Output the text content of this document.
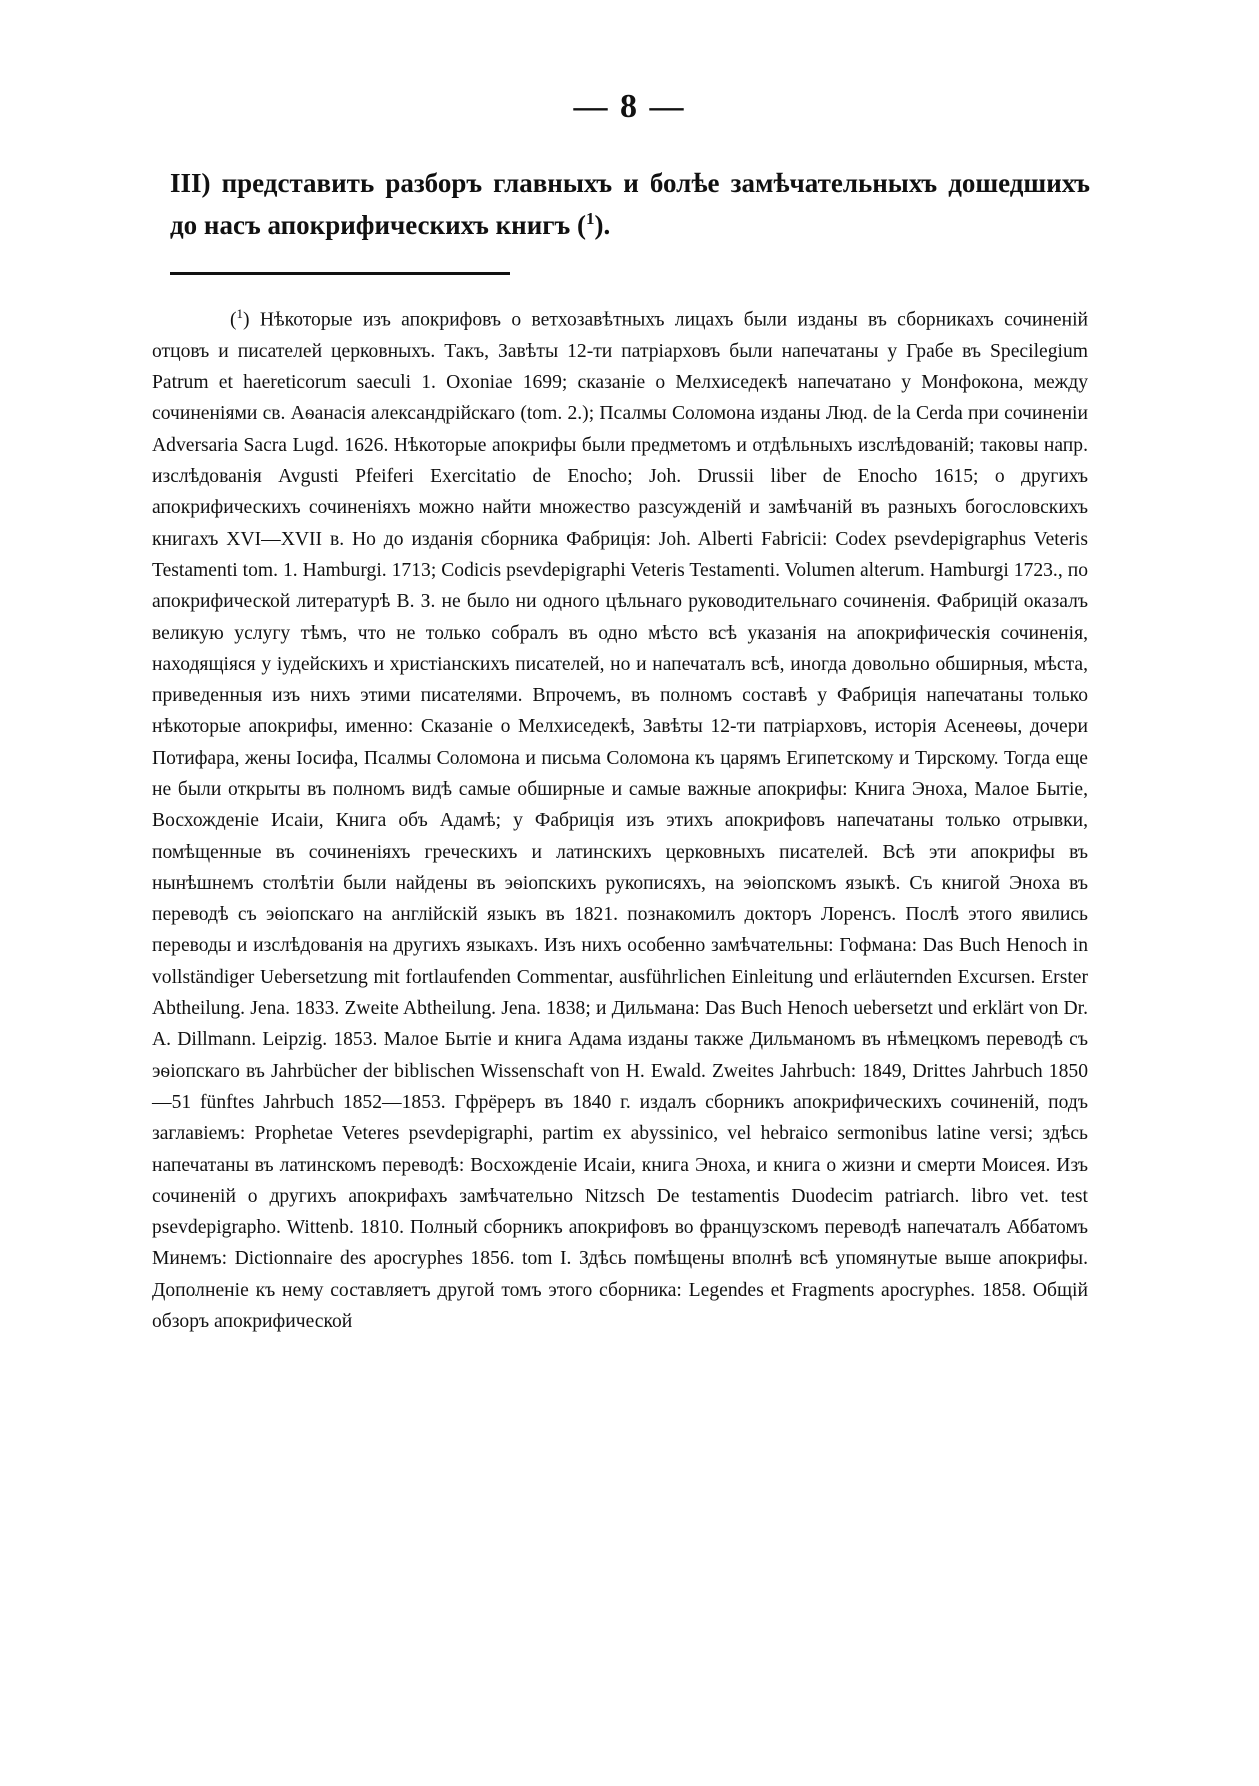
— 8 —
III) представить разборъ главныхъ и болѣе замѣчательныхъ дошедшихъ до насъ апокрифическихъ книгъ ($^1$).
($^1$) Нѣкоторые изъ апокрифовъ о ветхозавѣтныхъ лицахъ были изданы въ сборникахъ сочиненій отцовъ и писателей церковныхъ. Такъ, Завѣты 12-ти патріарховъ были напечатаны у Грабе въ Specilegium Patrum et haereticorum saeculi 1. Oxoniae 1699; сказаніе о Мелхиседекѣ напечатано у Монфокона, между сочиненіями св. Аѳанасія александрійскаго (tom. 2.); Псалмы Соломона изданы Люд. de la Cerda при сочиненіи Adversaria Sacra Lugd. 1626. Нѣкоторые апокрифы были предметомъ и отдѣльныхъ изслѣдованій; таковы напр. изслѣдованія Avgusti Pfeiferi Exercitatio de Enocho; Joh. Drussii liber de Enocho 1615; о другихъ апокрифическихъ сочиненіяхъ можно найти множество разсужденій и замѣчаній въ разныхъ богословскихъ книгахъ XVI—XVII в. Но до изданія сборника Фабриція: Joh. Alberti Fabricii: Codex psevdepigraphus Veteris Testamenti tom. 1. Hamburgi. 1713; Codicis psevdepigraphi Veteris Testamenti. Volumen alterum. Hamburgi 1723., по апокрифической литературѣ В. З. не было ни одного цѣльнаго руководительнаго сочиненія. Фабрицій оказалъ великую услугу тѣмъ, что не только собралъ въ одно мѣсто всѣ указанія на апокрифическія сочиненія, находящіяся у іудейскихъ и христіанскихъ писателей, но и напечаталъ всѣ, иногда довольно обширныя, мѣста, приведенныя изъ нихъ этими писателями. Впрочемъ, въ полномъ составѣ у Фабриція напечатаны только нѣкоторые апокрифы, именно: Сказаніе о Мелхиседекѣ, Завѣты 12-ти патріарховъ, исторія Асенеѳы, дочери Потифара, жены Іосифа, Псалмы Соломона и письма Соломона къ царямъ Египетскому и Тирскому. Тогда еще не были открыты въ полномъ видѣ самые обширные и самые важные апокрифы: Книга Эноха, Малое Бытіе, Восхожденіе Исаіи, Книга объ Адамѣ; у Фабриція изъ этихъ апокрифовъ напечатаны только отрывки, помѣщенные въ сочиненіяхъ греческихъ и латинскихъ церковныхъ писателей. Всѣ эти апокрифы въ нынѣшнемъ столѣтіи были найдены въ эѳіопскихъ рукописяхъ, на эѳіопскомъ языкѣ. Съ книгой Эноха въ переводѣ съ эѳіопскаго на англійскій языкъ въ 1821. познакомилъ докторъ Лоренсъ. Послѣ этого явились переводы и изслѣдованія на другихъ языкахъ. Изъ нихъ особенно замѣчательны: Гофмана: Das Buch Henoch in vollständiger Uebersetzung mit fortlaufenden Commentar, ausführlichen Einleitung und erläuternden Excursen. Erster Abtheilung. Jena. 1833. Zweite Abtheilung. Jena. 1838; и Дильмана: Das Buch Henoch uebersetzt und erklärt von Dr. A. Dillmann. Leipzig. 1853. Малое Бытіе и книга Адама изданы также Дильманомъ въ нѣмецкомъ переводѣ съ эѳіопскаго въ Jahrbücher der biblischen Wissenschaft von H. Ewald. Zweites Jahrbuch: 1849, Drittes Jahrbuch 1850—51 fünftes Jahrbuch 1852—1853. Гфрёреръ въ 1840 г. издалъ сборникъ апокрифическихъ сочиненій, подъ заглавіемъ: Prophetae Veteres psevdepigraphi, partim ex abyssinico, vel hebraico sermonibus latine versi; здѣсь напечатаны въ латинскомъ переводѣ: Восхожденіе Исаіи, книга Эноха, и книга о жизни и смерти Моисея. Изъ сочиненій о другихъ апокрифахъ замѣчательно Nitzsch De testamentis Duodecim patriarch. libro vet. test psevdepigrapho. Wittenb. 1810. Полный сборникъ апокрифовъ во французскомъ переводѣ напечаталъ Аббатомъ Минемъ: Dictionnaire des apocryphes 1856. tom I. Здѣсь помѣщены вполнѣ всѣ упомянутые выше апокрифы. Дополненіе къ нему составляетъ другой томъ этого сборника: Legendes et Fragments apocryphes. 1858. Общій обзоръ апокрифической
